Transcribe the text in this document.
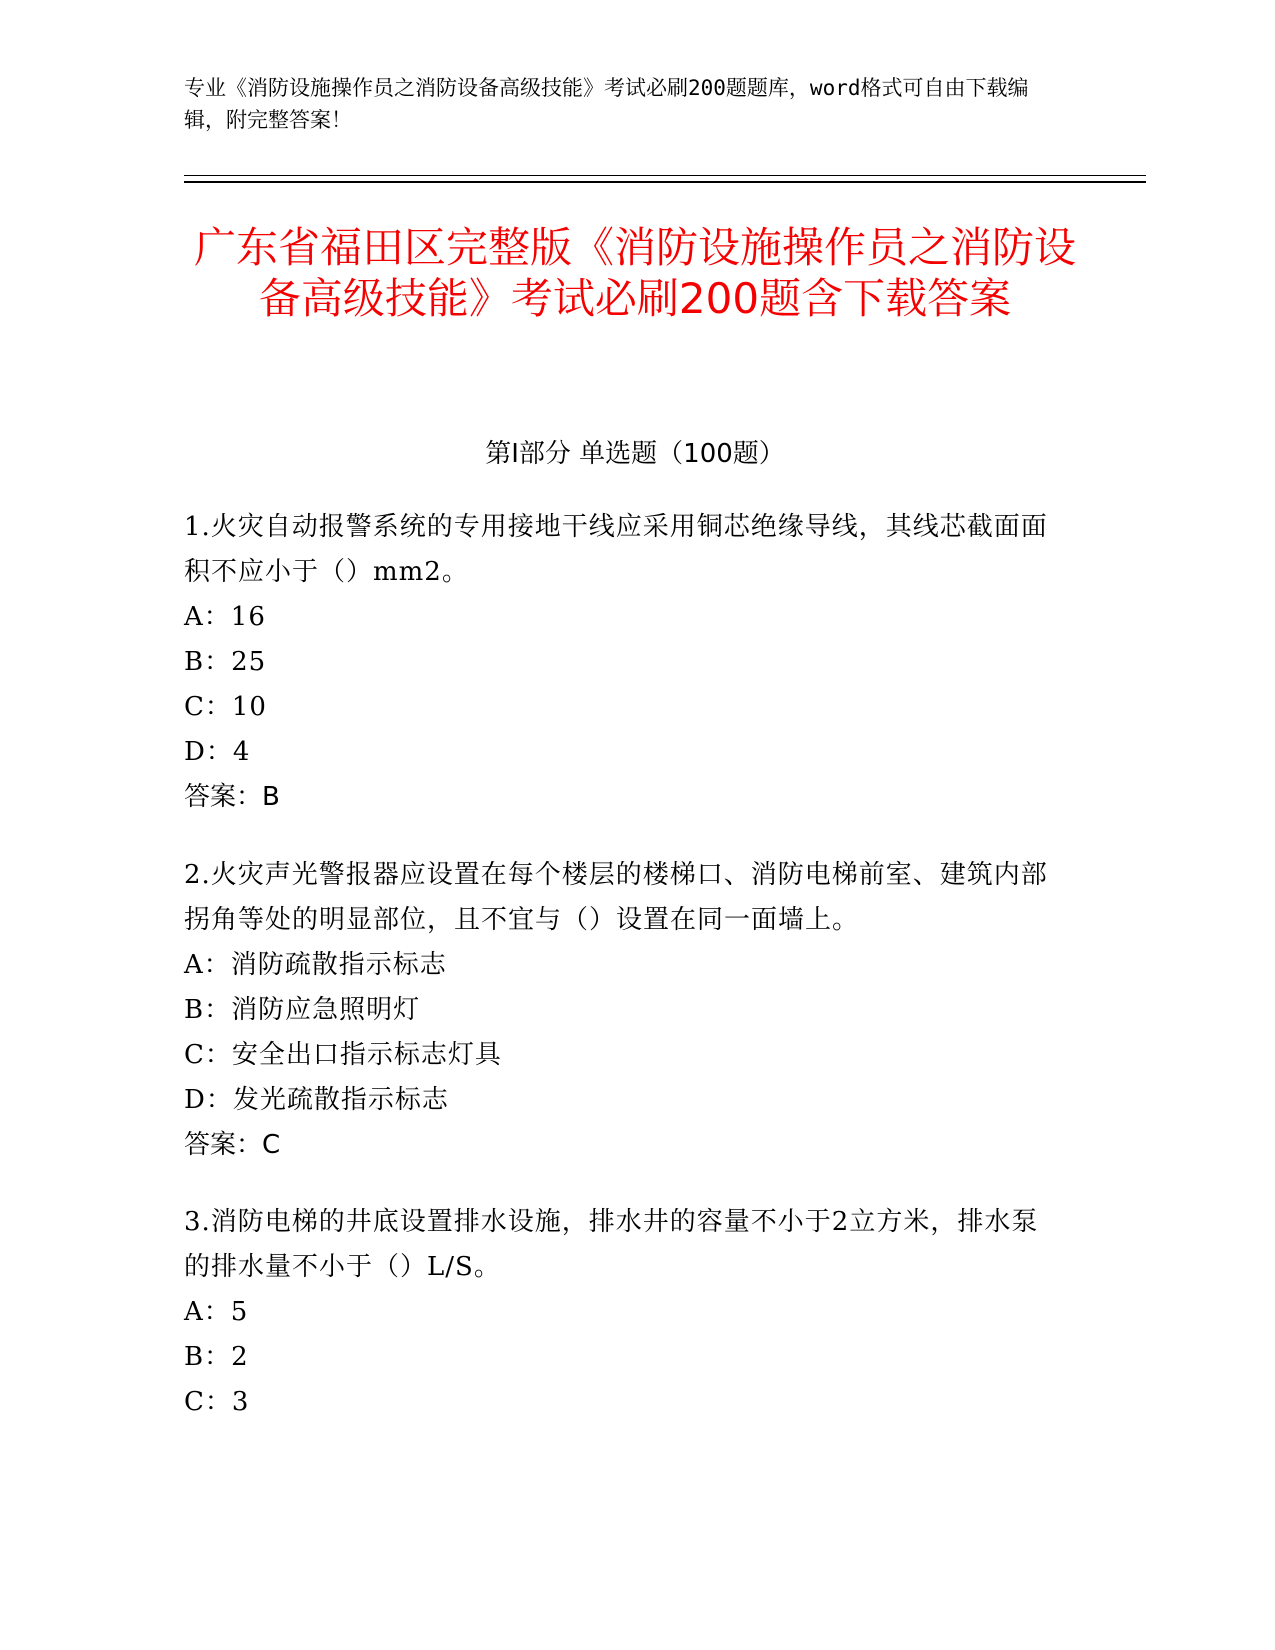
专业《消防设施操作员之消防设备高级技能》考试必刷200题题库，word格式可自由下载编辑，附完整答案！
广东省福田区完整版《消防设施操作员之消防设备高级技能》考试必刷200题含下载答案
第Ⅰ部分 单选题（100题）
1.火灾自动报警系统的专用接地干线应采用铜芯绝缘导线，其线芯截面面积不应小于（）mm2。
A：16
B：25
C：10
D：4
答案：B
2.火灾声光警报器应设置在每个楼层的楼梯口、消防电梯前室、建筑内部拐角等处的明显部位，且不宜与（）设置在同一面墙上。
A：消防疏散指示标志
B：消防应急照明灯
C：安全出口指示标志灯具
D：发光疏散指示标志
答案：C
3.消防电梯的井底设置排水设施，排水井的容量不小于2立方米，排水泵的排水量不小于（）L/S。
A：5
B：2
C：3
